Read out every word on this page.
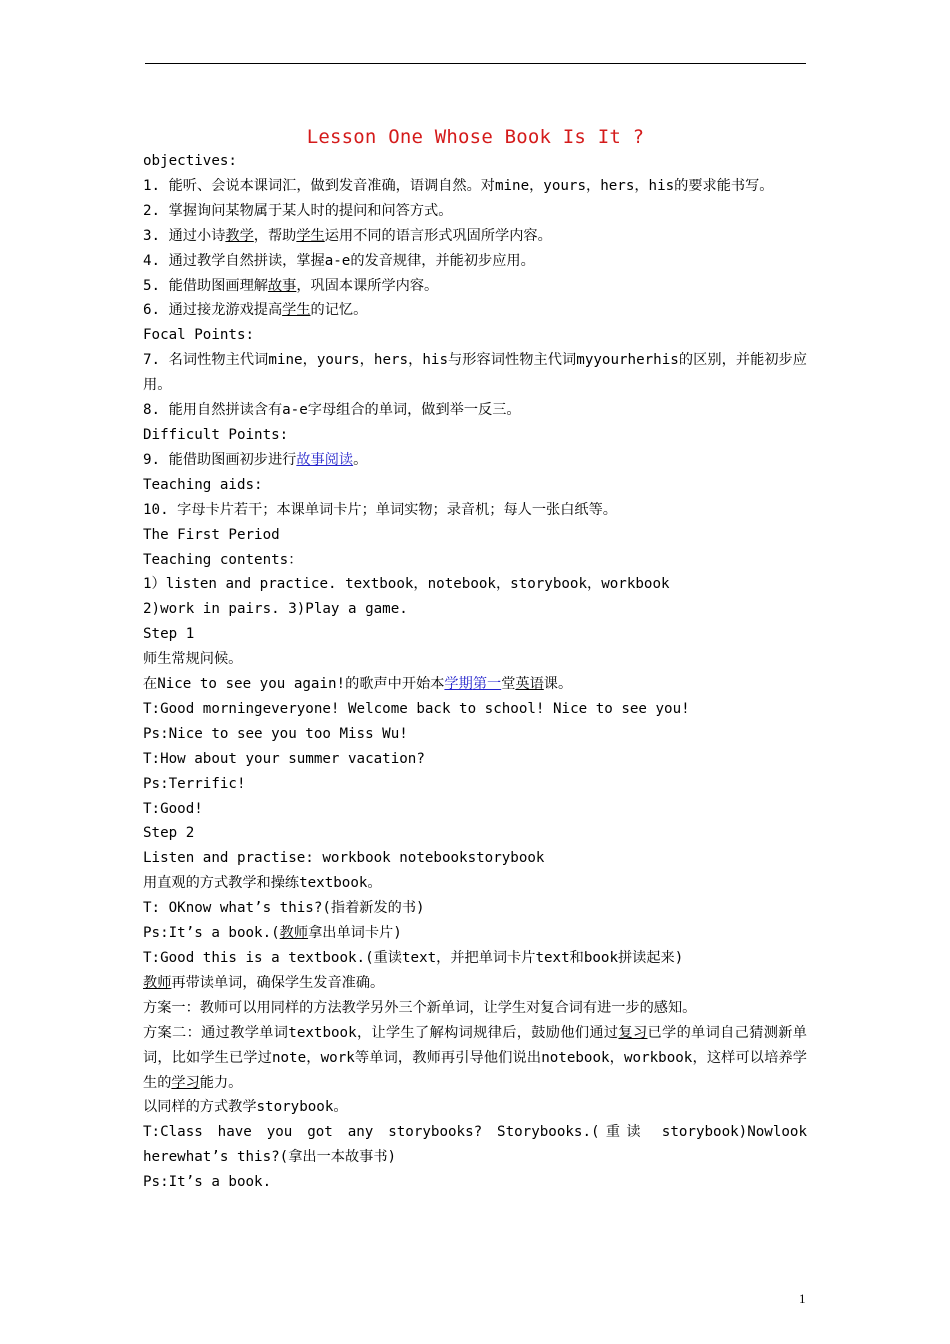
Lesson One Whose Book Is It ?
objectives:
1. 能听、会说本课词汇，做到发音准确，语调自然。对mine，yours，hers，his的要求能书写。
2. 掌握询问某物属于某人时的提问和问答方式。
3. 通过小诗教学，帮助学生运用不同的语言形式巩固所学内容。
4. 通过教学自然拼读，掌握a-e的发音规律，并能初步应用。
5. 能借助图画理解故事，巩固本课所学内容。
6. 通过接龙游戏提高学生的记忆。
Focal Points:
7. 名词性物主代词mine，yours，hers，his与形容词性物主代词myyourherhis的区别，并能初步应用。
8. 能用自然拼读含有a-e字母组合的单词，做到举一反三。
Difficult Points:
9. 能借助图画初步进行故事阅读。
Teaching aids:
10. 字母卡片若干；本课单词卡片；单词实物；录音机；每人一张白纸等。
The First Period
Teaching contents：
1）listen and practice. textbook，notebook，storybook，workbook
2)work in pairs. 3)Play a game.
Step 1
师生常规问候。
在Nice to see you again!的歌声中开始本学期第一堂英语课。
T:Good morningeveryone! Welcome back to school! Nice to see you!
Ps:Nice to see you too Miss Wu!
T:How about your summer vacation?
Ps:Terrific!
T:Good!
Step 2
Listen and practise: workbook notebookstorybook
用直观的方式教学和操练textbook。
T: OKnow what’s this?(指着新发的书)
Ps:It’s a book.(教师拿出单词卡片)
T:Good this is a textbook.(重读text，并把单词卡片text和book拼读起来)
教师再带读单词，确保学生发音准确。
方案一：教师可以用同样的方法教学另外三个新单词，让学生对复合词有进一步的感知。
方案二：通过教学单词textbook，让学生了解构词规律后，鼓励他们通过复习已学的单词自己猜测新单词，比如学生已学过note，work等单词，教师再引导他们说出notebook，workbook，这样可以培养学生的学习能力。
以同样的方式教学storybook。
T:Class have you got any storybooks? Storybooks.(重读 storybook)Nowlook herewhat’s this?(拿出一本故事书)
Ps:It’s a book.
1
